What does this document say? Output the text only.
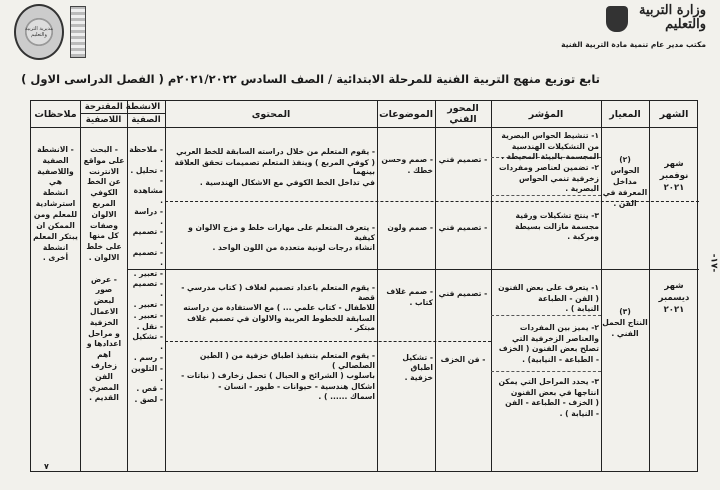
مديرية التربية والتعليم
وزارة التربية
والتعليم
مكتب مدير عام تنمية مادة التربية الفنية
تابع توزيع منهج التربية الفنية للمرحلة الابتدائية / الصف السادس ٢٠٢١/٢٠٢٢م ( الفصل الدراسى الاول )
-١٧-
الشهر
المعيار
المؤشر
المحور الفني
الموضوعات
المحتوى
الانشطة المقترحة
الصفية
اللاصفية
ملاحظات
شهر
نوفمبر
٢٠٢١
شهر
ديسمبر
٢٠٢١
(٢)
الحواس
مداخل
المعرفة في
الفن .
(٣)
النتاج الحمل
الفني .
١- تنشيط الحواس البصرية
من التشكيلات الهندسية
المجسمة بالبيئة المحيطة .
٢- تضمين لعناصر ومفردات
زخرفية تنمي الحواس
البصرية .
٣- ينتج تشكيلات ورقية
مجسمة مازالت بسيطة
ومركبة .
١- يتعرف على بعض الفنون
( الفن - الطباعة
النيابة ) .
٢- يميز بين المفردات
والعناصر الزخرفية التي
تصلح بعض الفنون ( الخزف
- الطباعة - النيابية) .
٣- يحدد المراحل التي يمكن
انتاجها في بعض الفنون
( الخزف - الطباعة - الفن
- النيابة ) .
- تصميم فني
- تصميم فني
- تصميم فني
- فن الخزف
- صمم وحسن
خطك .
- صمم ولون
- صمم غلاف
كتاب .
- تشكيل اطباق
خزفية .
- يقوم المتعلم من خلال دراسته السابقة للخط العربي
( كوفي المربع ) وينفذ المتعلم تصميمات تحقق العلاقة بينهما
في تداخل الخط الكوفي مع الاشكال الهندسية .
- يتعرف المتعلم على مهارات خلط و مزج الالوان و كيفية
انشاء درجات لونية متعددة من اللون الواحد .
- يقوم المتعلم باعداد تصميم لغلاف ( كتاب مدرسي - قصة
للاطفال - كتاب علمي ... ) مع الاستفادة من دراسته
السابقة للخطوط العربية والالوان في تصميم غلاف مبتكر .
- يقوم المتعلم بتنفيذ اطباق خزفية من ( الطين الصلصالي )
باسلوب ( الشرائح و الحبال ) تحمل زخارف ( نباتات -
اشكال هندسية - حيوانات - طيور - انسان -
اسماك ...... ) .
- ملاحظة .
- تحليل .
- مشاهدة .
- دراسة .
- تصميم .
- تصميم .
- تعبير .
- تصميم .
- تعبير .
- تعبير .
- نقل .
- تشكيل .
- رسم .
- التلوين .
- قص .
- لصق .
- البحث
على مواقع
الانترنت
عن الخط
الكوفي
المربع
الالوان
وصفات
كل منها
على خلط
الالوان .

- عرض
صور
لبعض
الاعمال
الخزفية
و مراحل
اعدادها و
اهم
زخارف
الفن
المصري
القديم .
- الانشطة
الصفية
واللاصفية هي
انشطة
استرشادية
للمعلم ومن
الممكن ان
يبتكر المعلم
انشطة أخرى .
٧
